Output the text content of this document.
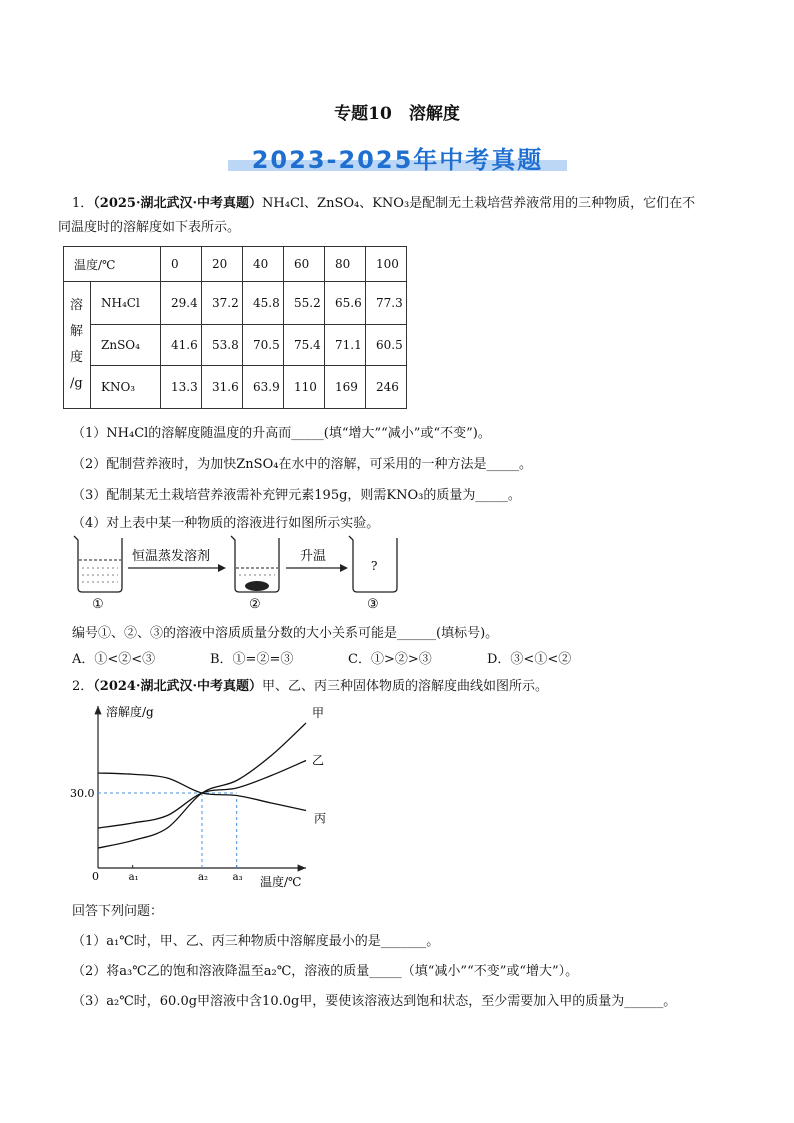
专题10　溶解度
2023-2025年中考真题
1．（2025·湖北武汉·中考真题）NH₄Cl、ZnSO₄、KNO₃是配制无土栽培营养液常用的三种物质，它们在不
同温度时的溶解度如下表所示。
温度/℃		0	20	40	60	80	100

溶
解
度
/g	NH₄Cl	29.4	37.2	45.8	55.2	65.6	77.3
	ZnSO₄	41.6	53.8	70.5	75.4	71.1	60.5
	KNO₃	13.3	31.6	63.9	110	169	246
（1）NH₄Cl的溶解度随温度的升高而_____(填“增大”“减小”或“不变”)。
（2）配制营养液时，为加快ZnSO₄在水中的溶解，可采用的一种方法是_____。
（3）配制某无土栽培营养液需补充钾元素195g，则需KNO₃的质量为_____。
（4）对上表中某一种物质的溶液进行如图所示实验。
恒温蒸发溶剂	升温
?
①	②	③
编号①、②、③的溶液中溶质质量分数的大小关系可能是______(填标号)。
A．①<②<③	B．①=②=③	C．①>②>③	D．③<①<②
2．（2024·湖北武汉·中考真题）甲、乙、丙三种固体物质的溶解度曲线如图所示。
溶解度/g
温度/℃
0
30.0
a₁	a₂ a₃
甲
乙
丙
回答下列问题：
（1）a₁℃时，甲、乙、丙三种物质中溶解度最小的是_______。
（2）将a₃℃乙的饱和溶液降温至a₂℃，溶液的质量_____（填“减小”“不变”或“增大”）。
（3）a₂℃时，60.0g甲溶液中含10.0g甲，要使该溶液达到饱和状态，至少需要加入甲的质量为______。
